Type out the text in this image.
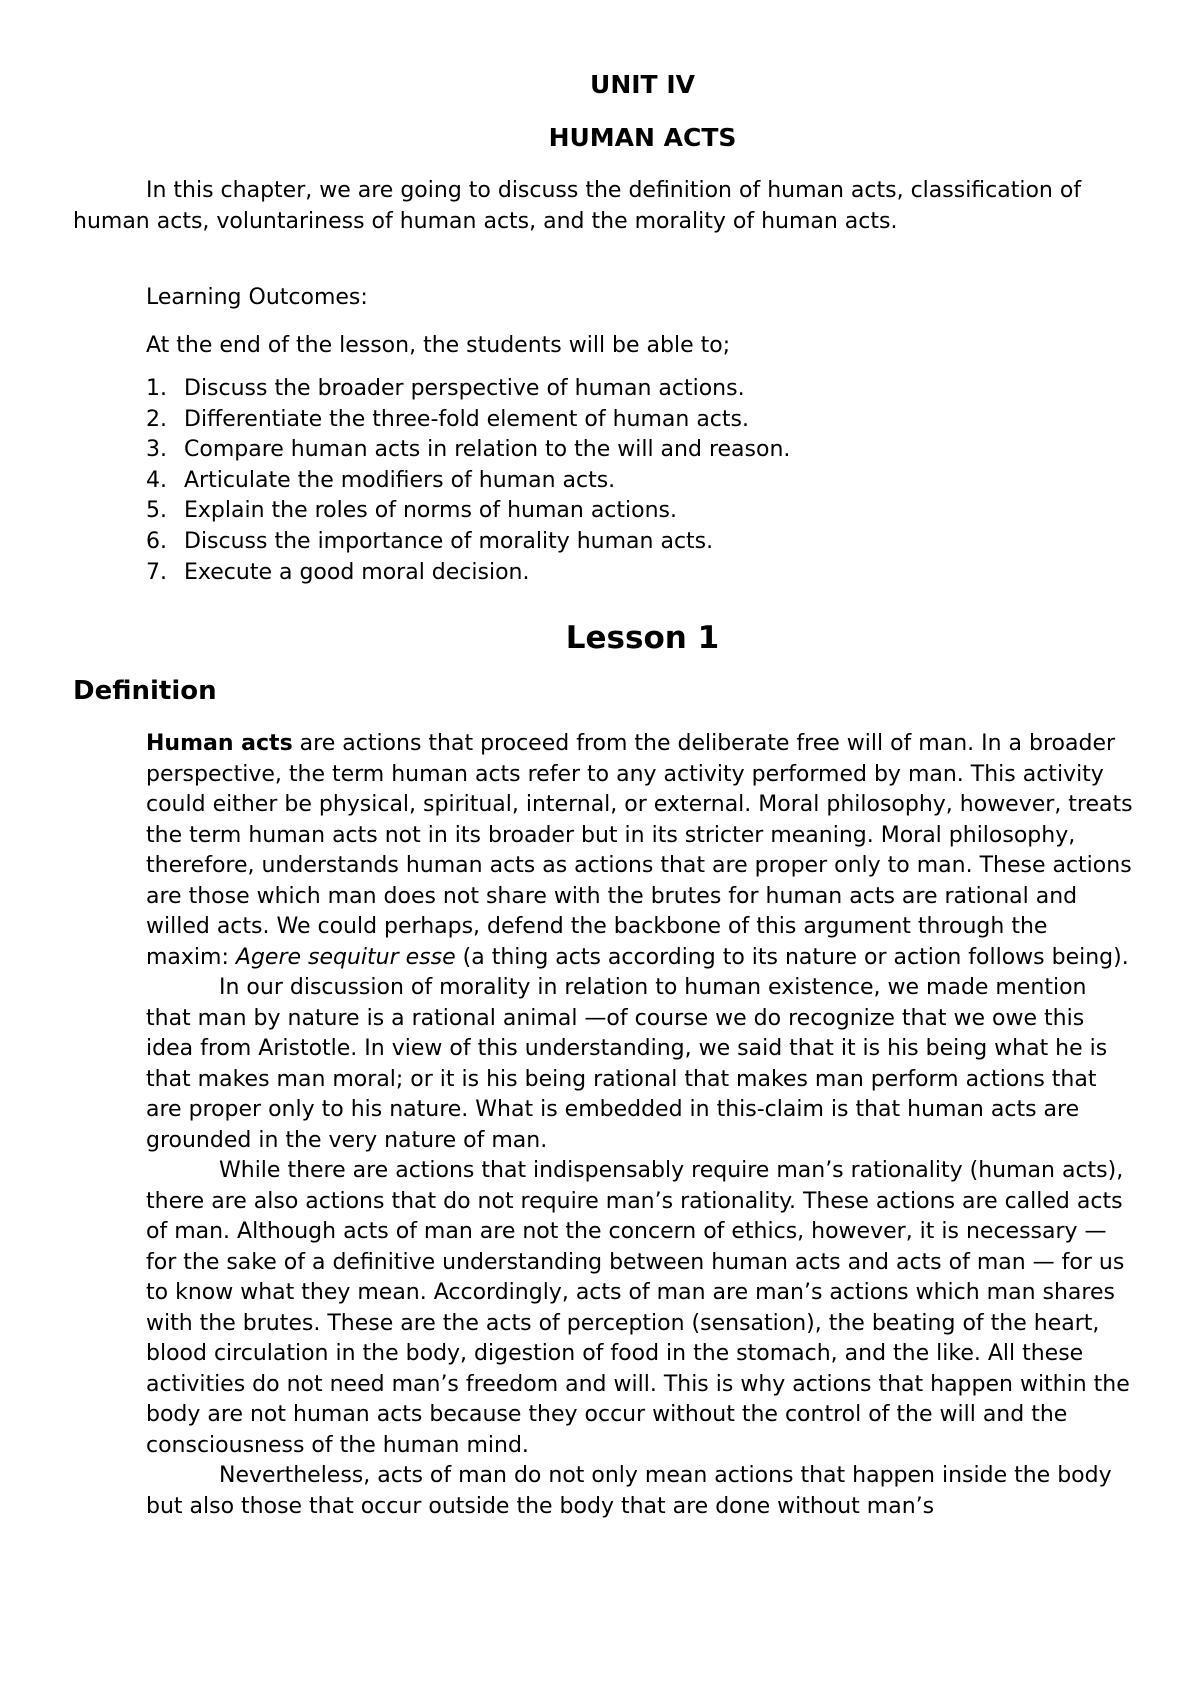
UNIT IV
HUMAN ACTS

In this chapter, we are going to discuss the definition of human acts, classification of human acts, voluntariness of human acts, and the morality of human acts.

Learning Outcomes:
At the end of the lesson, the students will be able to;
1. Discuss the broader perspective of human actions.
2. Differentiate the three-fold element of human acts.
3. Compare human acts in relation to the will and reason.
4. Articulate the modifiers of human acts.
5. Explain the roles of norms of human actions.
6. Discuss the importance of morality human acts.
7. Execute a good moral decision.
Lesson 1
Definition

Human acts are actions that proceed from the deliberate free will of man. In a broader perspective, the term human acts refer to any activity performed by man. This activity could either be physical, spiritual, internal, or external. Moral philosophy, however, treats the term human acts not in its broader but in its stricter meaning. Moral philosophy, therefore, understands human acts as actions that are proper only to man. These actions are those which man does not share with the brutes for human acts are rational and willed acts. We could perhaps, defend the backbone of this argument through the maxim: Agere sequitur esse (a thing acts according to its nature or action follows being).

In our discussion of morality in relation to human existence, we made mention that man by nature is a rational animal —of course we do recognize that we owe this idea from Aristotle. In view of this understanding, we said that it is his being what he is that makes man moral; or it is his being rational that makes man perform actions that are proper only to his nature. What is embedded in this-claim is that human acts are grounded in the very nature of man.

While there are actions that indispensably require man’s rationality (human acts), there are also actions that do not require man’s rationality. These actions are called acts of man. Although acts of man are not the concern of ethics, however, it is necessary — for the sake of a definitive understanding between human acts and acts of man — for us to know what they mean. Accordingly, acts of man are man’s actions which man shares with the brutes. These are the acts of perception (sensation), the beating of the heart, blood circulation in the body, digestion of food in the stomach, and the like. All these activities do not need man’s freedom and will. This is why actions that happen within the body are not human acts because they occur without the control of the will and the consciousness of the human mind.

Nevertheless, acts of man do not only mean actions that happen inside the body but also those that occur outside the body that are done without man’s
